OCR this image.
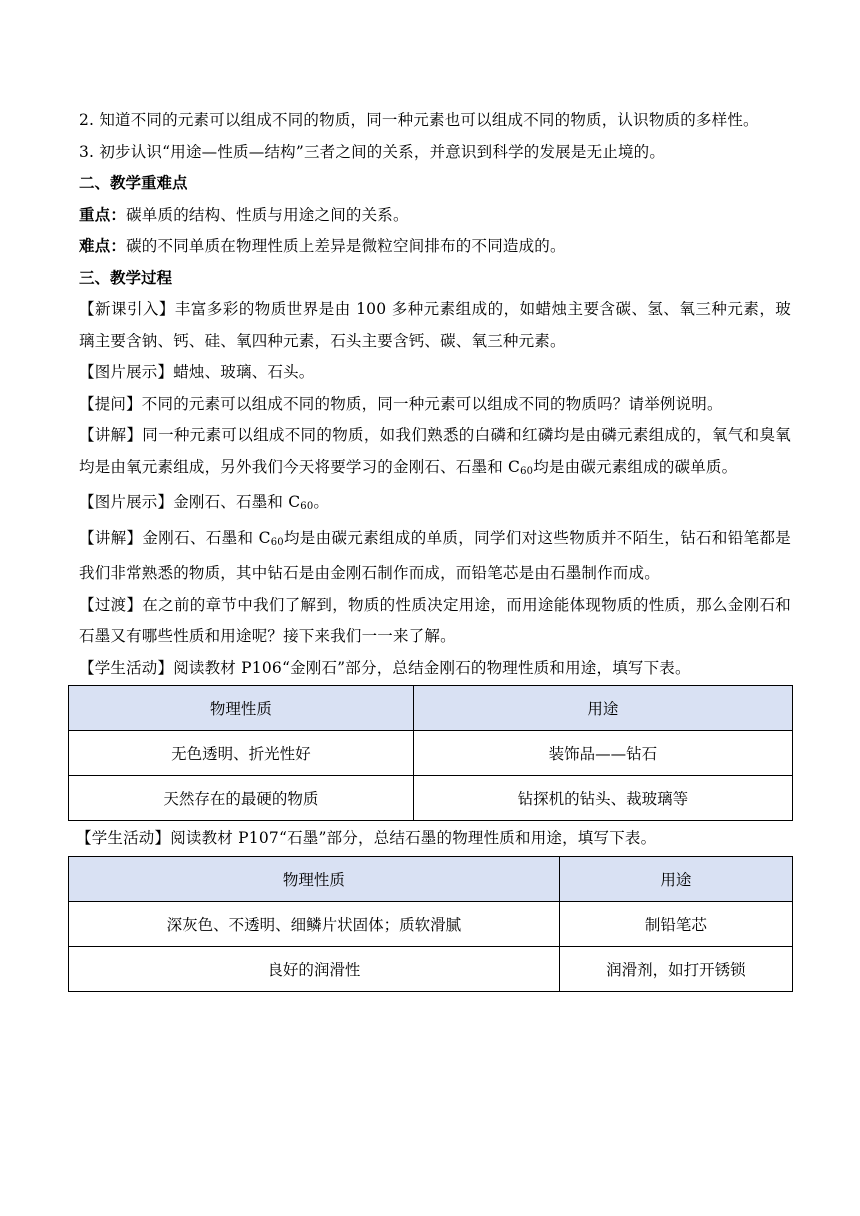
2. 知道不同的元素可以组成不同的物质，同一种元素也可以组成不同的物质，认识物质的多样性。

3. 初步认识“用途—性质—结构”三者之间的关系，并意识到科学的发展是无止境的。

二、教学重难点

重点：碳单质的结构、性质与用途之间的关系。

难点：碳的不同单质在物理性质上差异是微粒空间排布的不同造成的。

三、教学过程

【新课引入】丰富多彩的物质世界是由 100 多种元素组成的，如蜡烛主要含碳、氢、氧三种元素，玻璃主要含钠、钙、硅、氧四种元素，石头主要含钙、碳、氧三种元素。

【图片展示】蜡烛、玻璃、石头。

【提问】不同的元素可以组成不同的物质，同一种元素可以组成不同的物质吗？请举例说明。

【讲解】同一种元素可以组成不同的物质，如我们熟悉的白磷和红磷均是由磷元素组成的，氧气和臭氧均是由氧元素组成，另外我们今天将要学习的金刚石、石墨和 $C_{60}$均是由碳元素组成的碳单质。

【图片展示】金刚石、石墨和 $C_{60}$。

【讲解】金刚石、石墨和 $C_{60}$均是由碳元素组成的单质，同学们对这些物质并不陌生，钻石和铅笔都是我们非常熟悉的物质，其中钻石是由金刚石制作而成，而铅笔芯是由石墨制作而成。

【过渡】在之前的章节中我们了解到，物质的性质决定用途，而用途能体现物质的性质，那么金刚石和石墨又有哪些性质和用途呢？接下来我们一一来了解。

【学生活动】阅读教材 P106“金刚石”部分，总结金刚石的物理性质和用途，填写下表。

物理性质	用途
无色透明、折光性好	装饰品——钻石
天然存在的最硬的物质	钻探机的钻头、裁玻璃等

【学生活动】阅读教材 P107“石墨”部分，总结石墨的物理性质和用途，填写下表。

物理性质	用途
深灰色、不透明、细鳞片状固体；质软滑腻	制铅笔芯
良好的润滑性	润滑剂，如打开锈锁
